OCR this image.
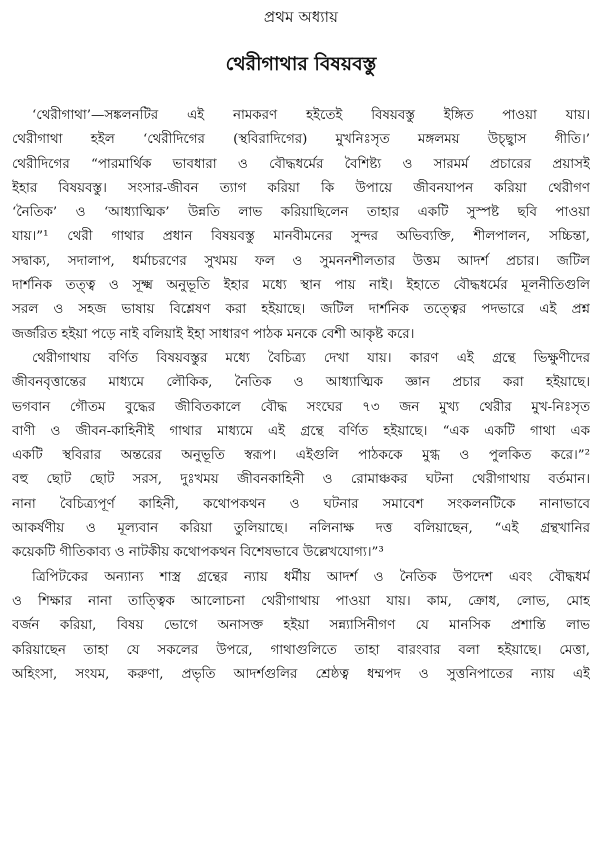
প্রথম অধ্যায়
থেরীগাথার বিষয়বস্তু
‘থেরীগাথা’—সঙ্কলনটির এই নামকরণ হইতেই বিষয়বস্তু ইঙ্গিত পাওয়া যায়।
থেরীগাথা হইল ‘থেরীদিগের (স্থবিরাদিগের) মুখনিঃসৃত মঙ্গলময় উচ্ছ্বাস গীতি।’
থেরীদিগের “পারমার্থিক ভাবধারা ও বৌদ্ধধর্মের বৈশিষ্ট্য ও সারমর্ম প্রচারের প্রয়াসই
ইহার বিষয়বস্তু। সংসার-জীবন ত্যাগ করিয়া কি উপায়ে জীবনযাপন করিয়া থেরীগণ
‘নৈতিক’ ও ‘আধ্যাত্মিক’ উন্নতি লাভ করিয়াছিলেন তাহার একটি সুস্পষ্ট ছবি পাওয়া
যায়।”¹ থেরী গাথার প্রধান বিষয়বস্তু মানবীমনের সুন্দর অভিব্যক্তি, শীলপালন, সচ্চিন্তা,
সদ্বাক্য, সদালাপ, ধর্মাচরণের সুখময় ফল ও সুমননশীলতার উত্তম আদর্শ প্রচার। জটিল
দার্শনিক তত্ত্ব ও সূক্ষ্ম অনুভূতি ইহার মধ্যে স্থান পায় নাই। ইহাতে বৌদ্ধধর্মের মূলনীতিগুলি
সরল ও সহজ ভাষায় বিশ্লেষণ করা হইয়াছে। জটিল দার্শনিক তত্ত্বের পদভারে এই প্রশ্ন
জর্জরিত হইয়া পড়ে নাই বলিয়াই ইহা সাধারণ পাঠক মনকে বেশী আকৃষ্ট করে।
থেরীগাথায় বর্ণিত বিষয়বস্তুর মধ্যে বৈচিত্র্য দেখা যায়। কারণ এই গ্রন্থে ভিক্ষুণীদের
জীবনবৃত্তান্তের মাধ্যমে লৌকিক, নৈতিক ও আধ্যাত্মিক জ্ঞান প্রচার করা হইয়াছে।
ভগবান গৌতম বুদ্ধের জীবিতকালে বৌদ্ধ সংঘের ৭৩ জন মুখ্য থেরীর মুখ-নিঃসৃত
বাণী ও জীবন-কাহিনীই গাথার মাধ্যমে এই গ্রন্থে বর্ণিত হইয়াছে। “এক একটি গাথা এক
একটি স্থবিরার অন্তরের অনুভূতি স্বরূপ। এইগুলি পাঠককে মুগ্ধ ও পুলকিত করে।”²
বহু ছোট ছোট সরস, দুঃখময় জীবনকাহিনী ও রোমাঞ্চকর ঘটনা থেরীগাথায় বর্তমান।
নানা বৈচিত্র্যপূর্ণ কাহিনী, কথোপকথন ও ঘটনার সমাবেশ সংকলনটিকে নানাভাবে
আকর্ষণীয় ও মূল্যবান করিয়া তুলিয়াছে। নলিনাক্ষ দত্ত বলিয়াছেন, “এই গ্রন্থখানির
কয়েকটি গীতিকাব্য ও নাটকীয় কথোপকথন বিশেষভাবে উল্লেখযোগ্য।”³
ত্রিপিটকের অন্যান্য শাস্ত্র গ্রন্থের ন্যায় ধর্মীয় আদর্শ ও নৈতিক উপদেশ এবং বৌদ্ধধর্ম
ও শিক্ষার নানা তাত্ত্বিক আলোচনা থেরীগাথায় পাওয়া যায়। কাম, ক্রোধ, লোভ, মোহ
বর্জন করিয়া, বিষয় ভোগে অনাসক্ত হইয়া সন্ন্যাসিনীগণ যে মানসিক প্রশান্তি লাভ
করিয়াছেন তাহা যে সকলের উপরে, গাথাগুলিতে তাহা বারংবার বলা হইয়াছে। মেত্তা,
অহিংসা, সংযম, করুণা, প্রভৃতি আদর্শগুলির শ্রেষ্ঠত্ব ধম্মপদ ও সুত্তনিপাতের ন্যায় এই
